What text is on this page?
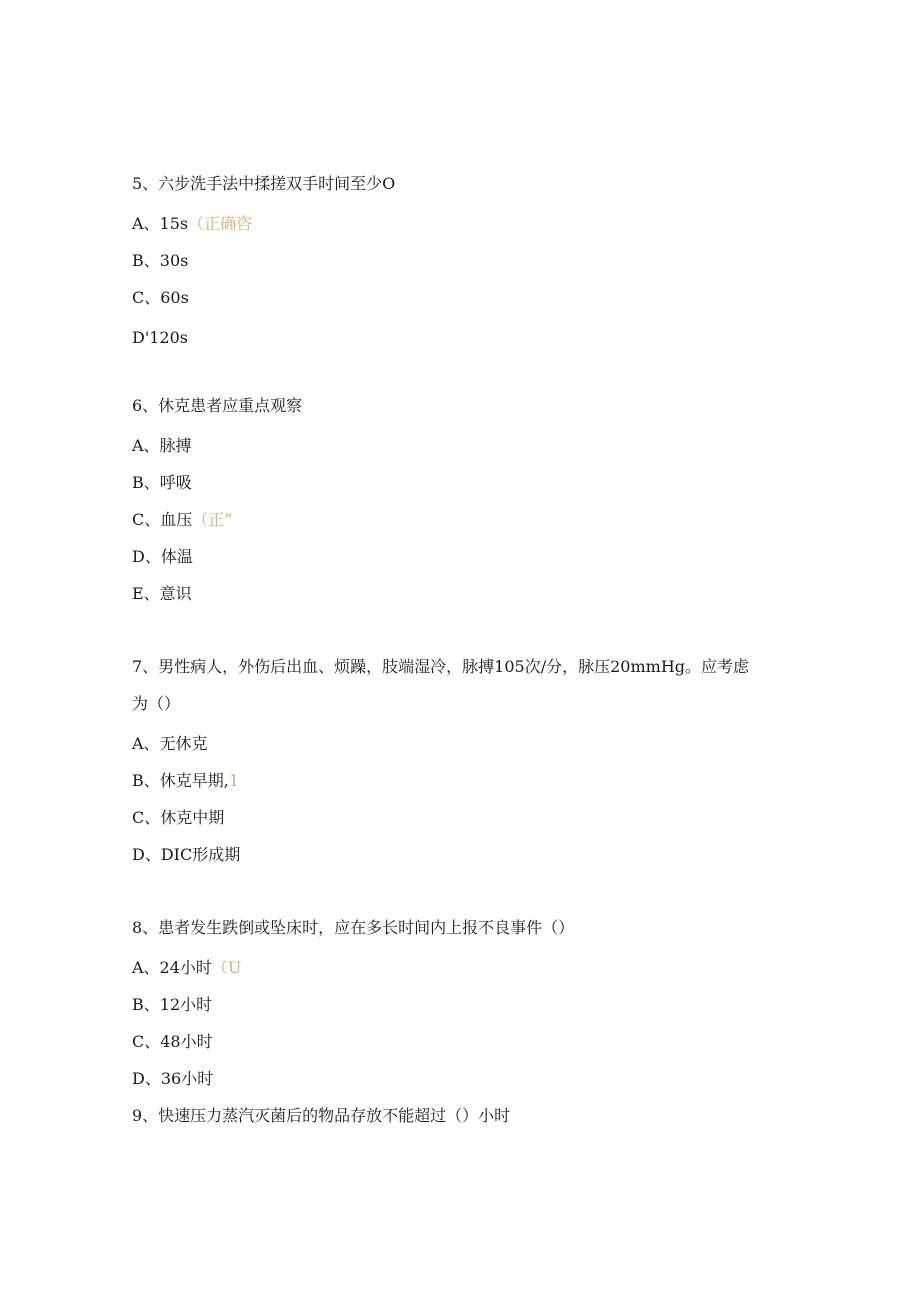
5、六步洗手法中揉搓双手时间至少O
A、15s（正确咨
B、30s
C、60s
D'120s
6、休克患者应重点观察
A、脉搏
B、呼吸
C、血压（正”
D、体温
E、意识
7、男性病人，外伤后出血、烦躁，肢端湿冷，脉搏105次/分，脉压20mmHg。应考虑
为（）
A、无休克
B、休克早期,1
C、休克中期
D、DIC形成期
8、患者发生跌倒或坠床时，应在多长时间内上报不良事件（）
A、24小时（U
B、12小时
C、48小时
D、36小时
9、快速压力蒸汽灭菌后的物品存放不能超过（）小时
